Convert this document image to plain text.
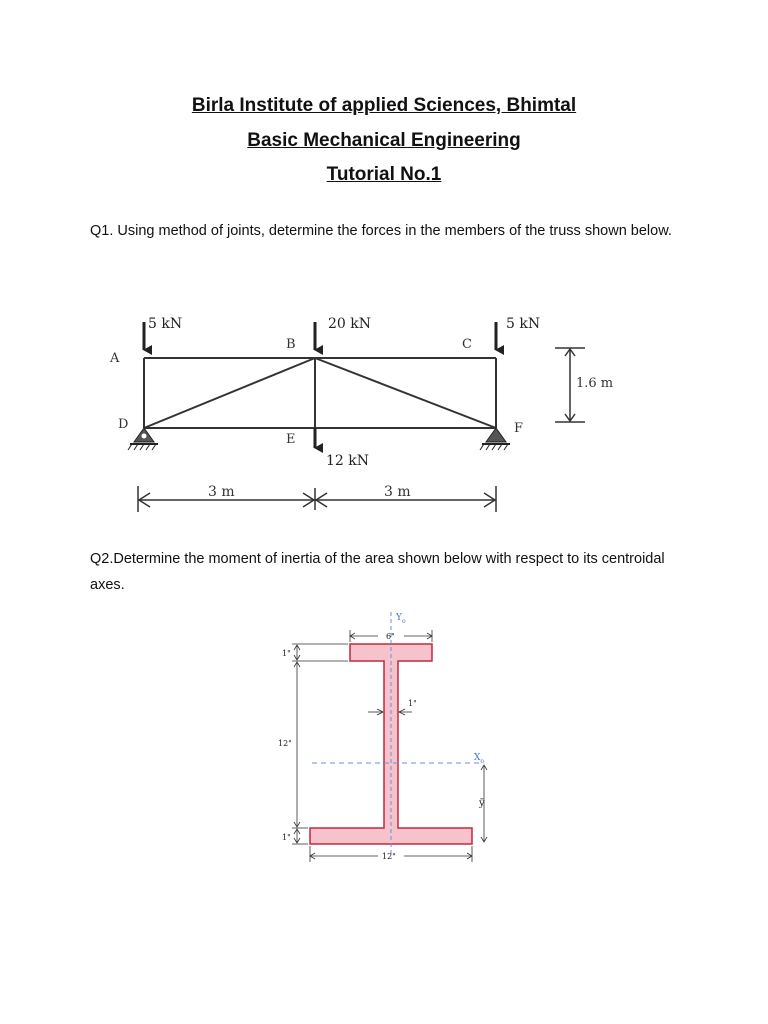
Birla Institute of applied Sciences, Bhimtal
Basic Mechanical Engineering
Tutorial No.1
Q1. Using method of joints, determine the forces in the members of the truss shown below.
5 kN	20 kN	5 kN
12 kN
A
B	C
D
E
F
1.6 m
3 m	3 m
Q2.Determine the moment of inertia of the area shown below with respect to its centroidal axes.
$Y_o$
$X_o$
6"
1"
1"
12"
1"
12"
ȳ
